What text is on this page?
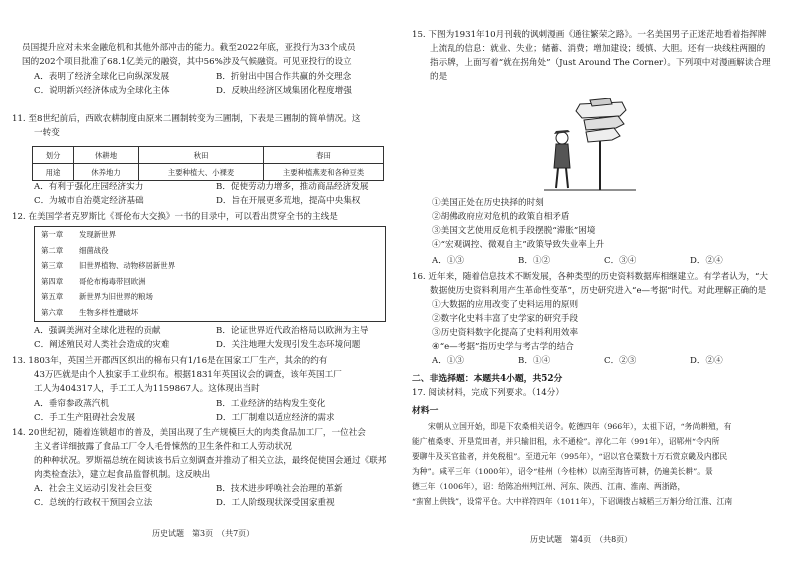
员国提升应对未来金融危机和其他外部冲击的能力。截至2022年底，亚投行为33个成员
国的202个项目批准了68.1亿美元的融资，其中56%涉及气候融资。可见亚投行的设立
A．表明了经济全球化已向纵深发展	B．折射出中国合作共赢的外交理念
C．说明新兴经济体成为全球化主体	D．反映出经济区域集团化程度增强
11. 至8世纪前后，西欧农耕制度由原来二圃制转变为三圃制，下表是三圃制的简单情况。这
一转变
划分	休耕地	秋田	春田
用途	休养地力	主要种植大、小裸麦	主要种植燕麦和各种豆类
A．有利于强化庄园经济实力	B．促使劳动力增多，推动商品经济发展
C．为城市自治奠定经济基础	D．旨在开展更多荒地，提高中央集权
12. 在美国学者克罗斯比《哥伦布大交换》一书的目录中，可以看出贯穿全书的主线是
第一章 发现新世界
第二章 细菌战役
第三章 旧世界植物、动物移居新世界
第四章 哥伦布梅毒带回欧洲
第五章 新世界为旧世界的粮场
第六章 生物多样性遭破坏
A．强调美洲对全球化进程的贡献	B．论证世界近代政治格局以欧洲为主导
C．阐述殖民对人类社会造成的灾难	D．关注地理大发现引发生态环境问题
13. 1803年，英国兰开郡西区织出的棉布只有1/16是在国家工厂生产，其余的约有
43万匹就是由个人独家手工业织布。根据1831年英国议会的调查，该年英国工厂
工人为404317人，手工工人为1159867人。这体现出当时
A．垂帘参政蒸汽机	B．工业经济的结构发生变化
C．手工生产阻碍社会发展	D．工厂制难以适应经济的需求
14. 20世纪初，随着连锁超市的普及，美国出现了生产规模巨大的肉类食品加工厂，一位社会
主义者详细披露了食品工厂令人毛骨悚然的卫生条件和工人劳动状况
的种种状况。罗斯福总统在阅读该书后立刻调查并推动了相关立法，最终促使国会通过《联邦
肉类检查法》，建立起食品监督机制。这反映出
A．社会主义运动引发社会巨变	B．技术进步呼唤社会治理的革新
C．总统的行政权干预国会立法	D．工人阶级现状深受国家重视
历史试题　第3页　（共7页）
15. 下图为1931年10月刊载的讽刺漫画《通往繁荣之路》。一名美国男子正迷茫地看着指挥牌
上流乱的信息：就业、失业；储蓄、消费；增加建设；缓慎、大胆。还有一块线柱两圈的
指示牌，上面写着“就在拐角处”（Just Around The Corner）。下列项中对漫画解读合理的是
①美国正处在历史抉择的时刻
②胡佛政府应对危机的政策自相矛盾
③美国文艺使用反危机手段摆脱“滞胀”困境
④“宏观调控、微观自主”政策导致失业率上升
A．①③	B．①②	C．③④	D．②④
16. 近年来，随着信息技术不断发展，各种类型的历史资料数据库相继建立。有学者认为，“大
数据使历史资料利用产生革命性变革”，历史研究进入“e—考据”时代。对此理解正确的是
①大数据的应用改变了史料运用的原则
②数字化史料丰富了史学家的研究手段
③历史资料数字化提高了史料利用效率
④“e—考据”指历史学与考古学的结合
A．①③	B．①④	C．②③	D．②④
二、非选择题：本题共4小题，共52分
17. 阅读材料，完成下列要求。（14分）
材料一
宋朝从立国开始，即是下农桑相关诏令。乾德四年（966年），太祖下诏，“务尚耕殖，有
能广植桑枣、开垦荒田者，并只输旧租，永不通检”。淳化二年（991年），诏郓州“令内所
要聊牛及买官盐者，并免税租”。至道元年（995年），“诏以官仓粟数十万石赏京畿及内郡民
为种”。咸平三年（1000年），诏令“桂州（今桂林）以南至海皆可耕，仍遍美长耕”。景
德三年（1006年），诏：给陈冶州判江州、河东、陕西、江南、淮南、两浙路，
“蛮窗上供钱”，设常平仓。大中祥符四年（1011年），下诏调拨占城稻三万斛分给江淮、江南
历史试题　第4页　（共8页）
